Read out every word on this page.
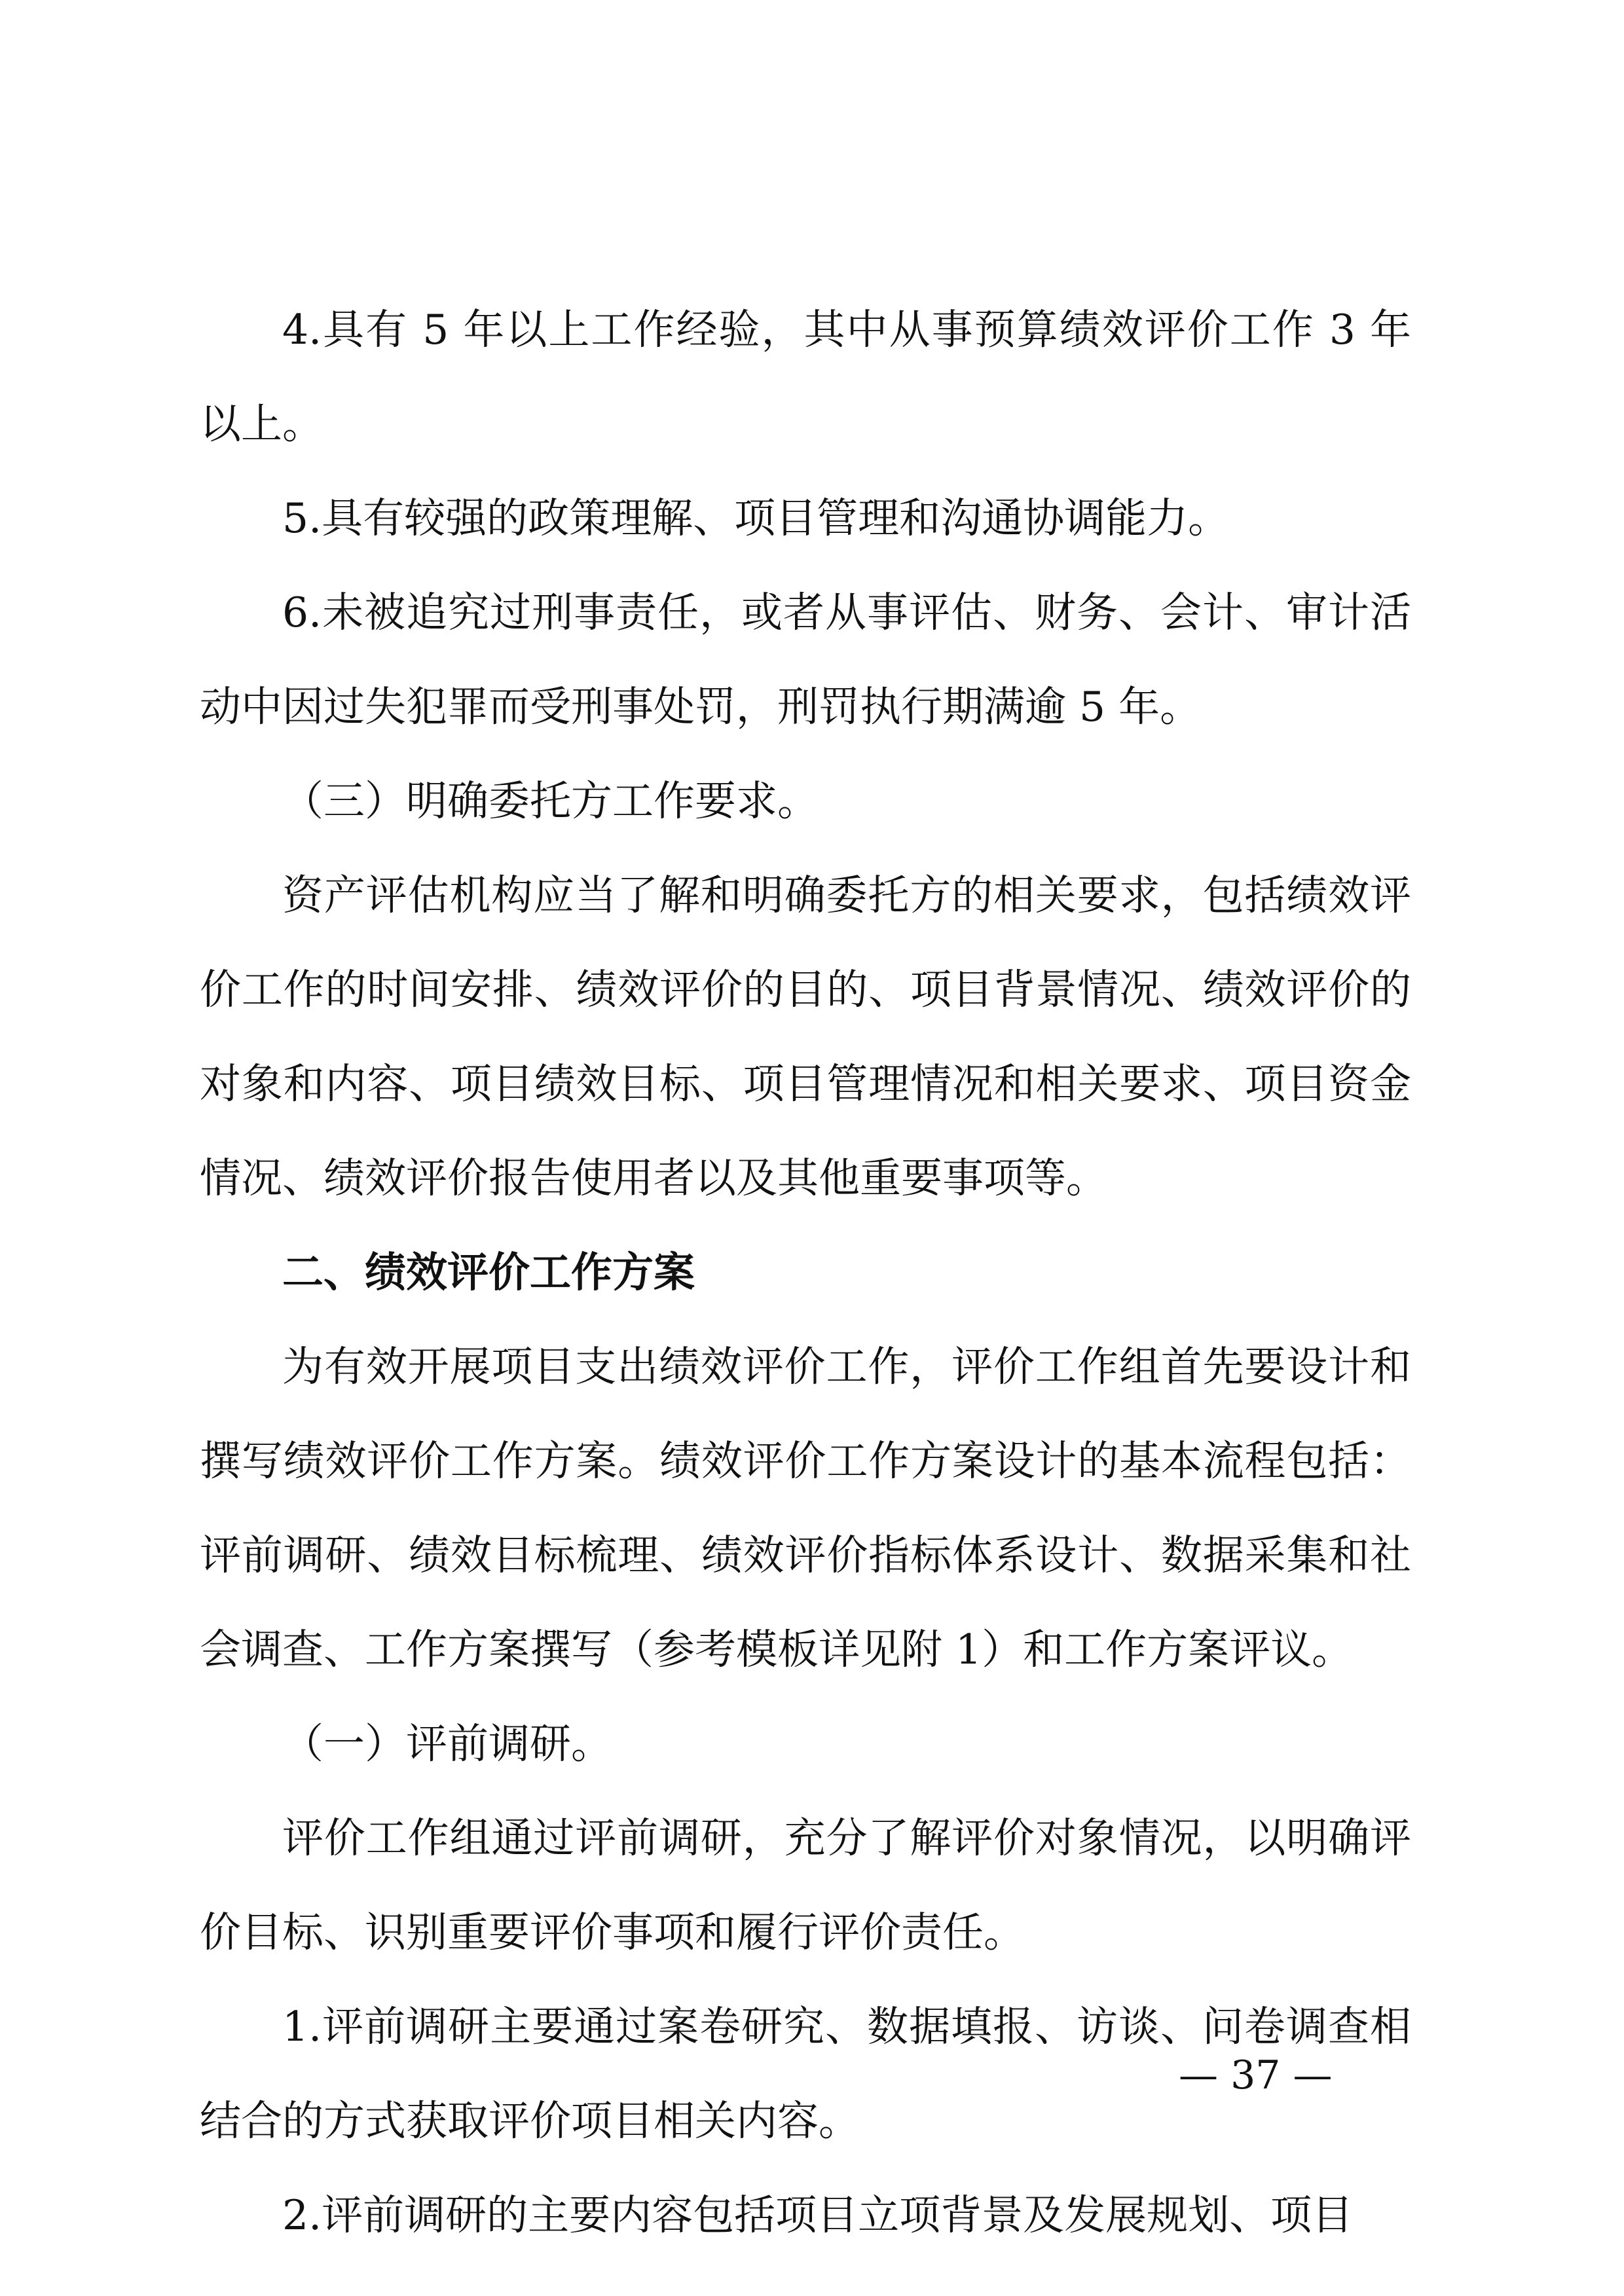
4.具有 5 年以上工作经验，其中从事预算绩效评价工作 3 年以上。

5.具有较强的政策理解、项目管理和沟通协调能力。

6.未被追究过刑事责任，或者从事评估、财务、会计、审计活动中因过失犯罪而受刑事处罚，刑罚执行期满逾 5 年。

（三）明确委托方工作要求。

资产评估机构应当了解和明确委托方的相关要求，包括绩效评价工作的时间安排、绩效评价的目的、项目背景情况、绩效评价的对象和内容、项目绩效目标、项目管理情况和相关要求、项目资金情况、绩效评价报告使用者以及其他重要事项等。

二、绩效评价工作方案

为有效开展项目支出绩效评价工作，评价工作组首先要设计和撰写绩效评价工作方案。绩效评价工作方案设计的基本流程包括：评前调研、绩效目标梳理、绩效评价指标体系设计、数据采集和社会调查、工作方案撰写（参考模板详见附 1）和工作方案评议。

（一）评前调研。

评价工作组通过评前调研，充分了解评价对象情况，以明确评价目标、识别重要评价事项和履行评价责任。

1.评前调研主要通过案卷研究、数据填报、访谈、问卷调查相结合的方式获取评价项目相关内容。

2.评前调研的主要内容包括项目立项背景及发展规划、项目

— 37 —
